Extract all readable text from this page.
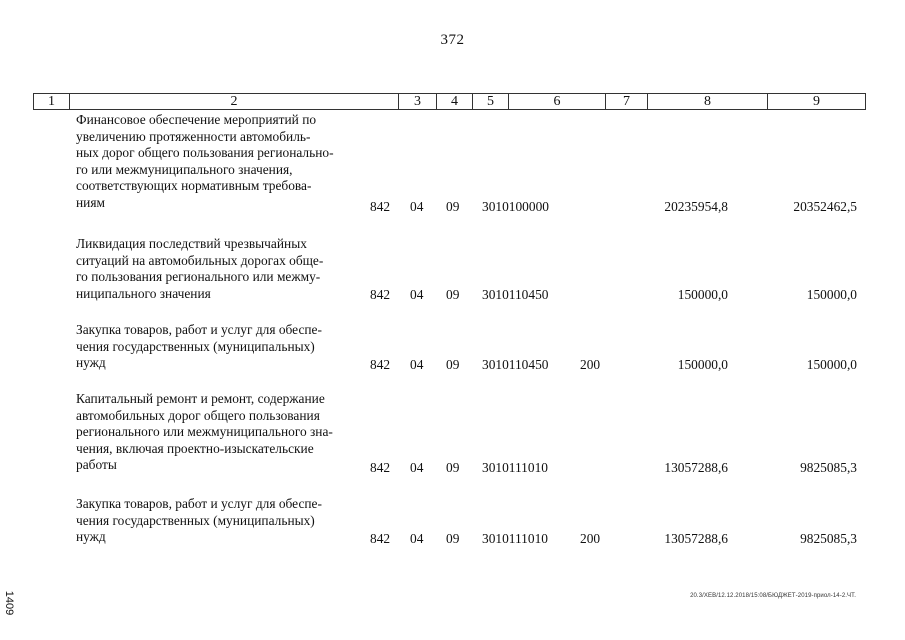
372
1	2	3	4	5	6	7	8	9
Финансовое обеспечение мероприятий по
увеличению протяженности автомобиль-
ных дорог общего пользования регионально-
го или межмуниципального значения,
соответствующих нормативным требова-
ниям	842 04 09 3010100000	20235954,8	20352462,5
Ликвидация последствий чрезвычайных
ситуаций на автомобильных дорогах обще-
го пользования регионального или межму-
ниципального значения	842 04 09 3010110450	150000,0	150000,0
Закупка товаров, работ и услуг для обеспе-
чения государственных (муниципальных)
нужд	842 04 09 3010110450 200	150000,0	150000,0
Капитальный ремонт и ремонт, содержание
автомобильных дорог общего пользования
регионального или межмуниципального зна-
чения, включая проектно-изыскательские
работы	842 04 09 3010111010	13057288,6	9825085,3
Закупка товаров, работ и услуг для обеспе-
чения государственных (муниципальных)
нужд	842 04 09 3010111010 200	13057288,6	9825085,3
20.3/ХЕВ/12.12.2018/15:08/БЮДЖЕТ-2019-приол-14-2.ЧТ.
1409
